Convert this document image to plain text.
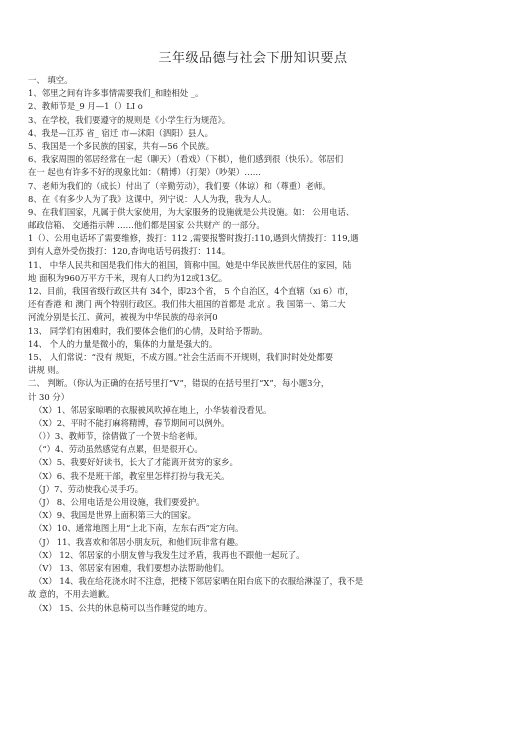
三年级品德与社会下册知识要点
一、 填空。
1、邻里之间有许多事情需要我们_和睦相处 _。
2、教师节是_9 月—1（）LI o
3、在学校，我们要遵守的规则是《小学生行为规范》。
4、我是—江苏 省_ 宿迁 市—沭阳（泗阳）县人。
5、我国是一个多民族的国家，共有—56 个民族。
6、我家周围的邻居经常在一起（聊天）（看戏）（下棋），他们感到很（快乐）。邻居们
在一 起也有许多不好的现象比如：（精博）（打架）（吵架）……
7、老师为我们的（成长）付出了（辛勤劳动），我们要（体谅）和（尊重）老师。
8、在《有多少人为了我》这课中，列宁说：人人为我，我为人人。
9、在我们国家，凡属于供大家使用，为大家服务的设施就是公共设施。如： 公用电话、
邮政信箱、 交通指示牌 ……他们都是国家 公共财产 的一部分。
1（）、公用电话坏了需要维修，拨打：112 ,需要报警时拨打:110,遇到火情拨打：119,遇
到有人意外受伤拨打：120,杳询电话号码拨打：114。
11、 中华人民共和国是我们伟大的祖国，简称中国。她是中华民族世代居住的家园，陆
地 面积为960万平方千米，现有人口约为12或13亿。
12、目前，我国省级行政区共有 34个，即23个省， 5 个自治区，4个直辖（xi 6）市，
还有香港 和 澳门 两个特别行政区。我们伟大祖国的首都是 北京 。我 国第一、第二大
河流分别是长江、黄河，被视为中华民族的母亲河0
13、 同学们有困难时，我们要体会他们的心情，及时给予帮助。
14、 个人的力量是微小的，集体的力量是强大的。
15、 人们常说：“没有 规矩，不成方圆。”社会生活而不开规则，我们时时处处都要
讲规 则。
二、 判断。（你认为正确的在括号里打“V”，错误的在括号里打“X”，每小题3分，
计 30 分）
（X）1、邻居家晾晒的衣服被风吹掉在地上，小华装着没看见。
（X）2、平时不能打麻将精博，春节期间可以例外。
（））3、教师节，徐倩做了一个贺卡给老师。
（“）4、劳动虽然感觉有点累，但是很开心。
（X）5、我要好好读书，长大了才能离开贫穷的家乡。
（X）6、我不是班干部，教室里怎样打扮与我无关。
（J）7、劳动使我心灵手巧。
（J） 8、公用电话是公用设施，我们要爱护。
（X）9、我国是世界上面积第三大的国家。
（X）10、通常地图上用“上北下南，左东右西”定方向。
（J） 11、我喜欢和邻居小朋友玩，和他们玩非常有趣。
（X） 12、邻居家的小朋友曾与我发生过矛盾，我再也不跟他一起玩了。
（V） 13、邻居家有困难，我们要想办法帮助他们。
（X） 14、我在给花浇水时不注意，把楼下邻居家晒在阳台底下的衣服给淋湿了，我不是
故 意的，不用去道歉。
（X） 15、公共的休息椅可以当作睡觉的地方。
